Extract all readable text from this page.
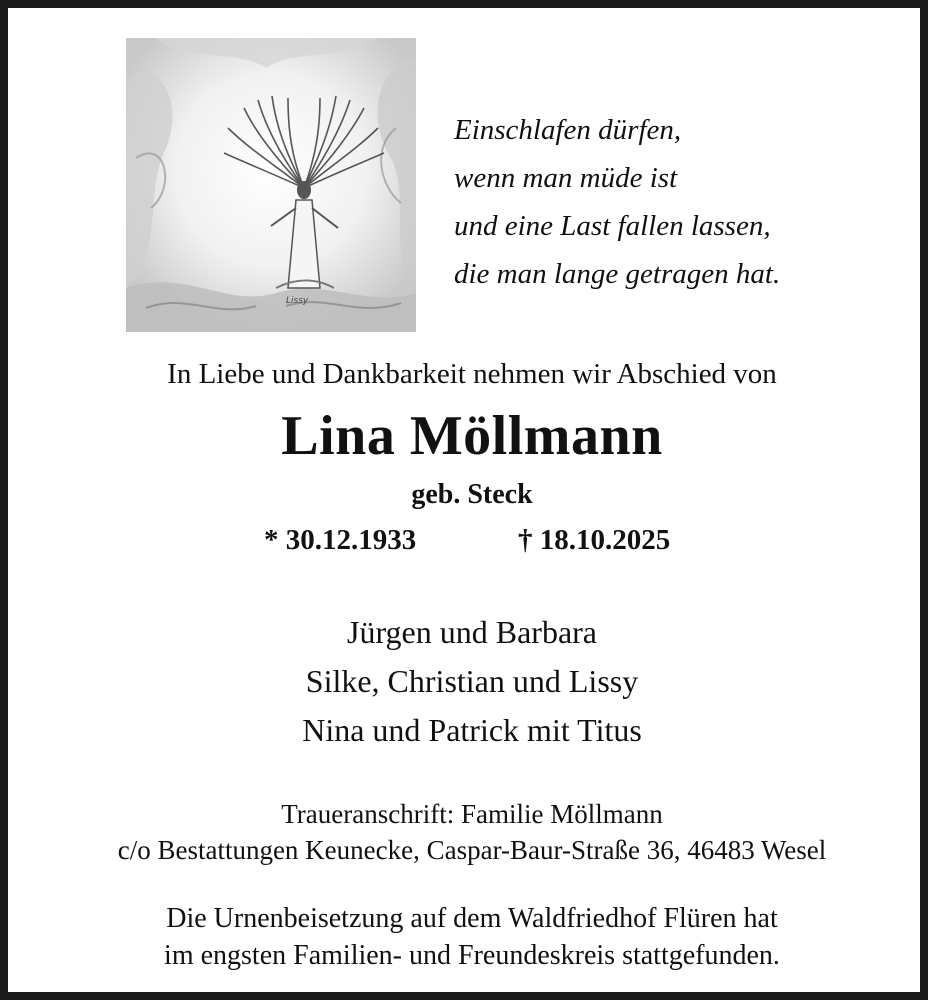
Lissy
Einschlafen dürfen,
wenn man müde ist
und eine Last fallen lassen,
die man lange getragen hat.
In Liebe und Dankbarkeit nehmen wir Abschied von
Lina Möllmann
geb. Steck
* 30.12.1933	† 18.10.2025
Jürgen und Barbara
Silke, Christian und Lissy
Nina und Patrick mit Titus
Traueranschrift: Familie Möllmann
c/o Bestattungen Keunecke, Caspar-Baur-Straße 36, 46483 Wesel
Die Urnenbeisetzung auf dem Waldfriedhof Flüren hat
im engsten Familien- und Freundeskreis stattgefunden.
